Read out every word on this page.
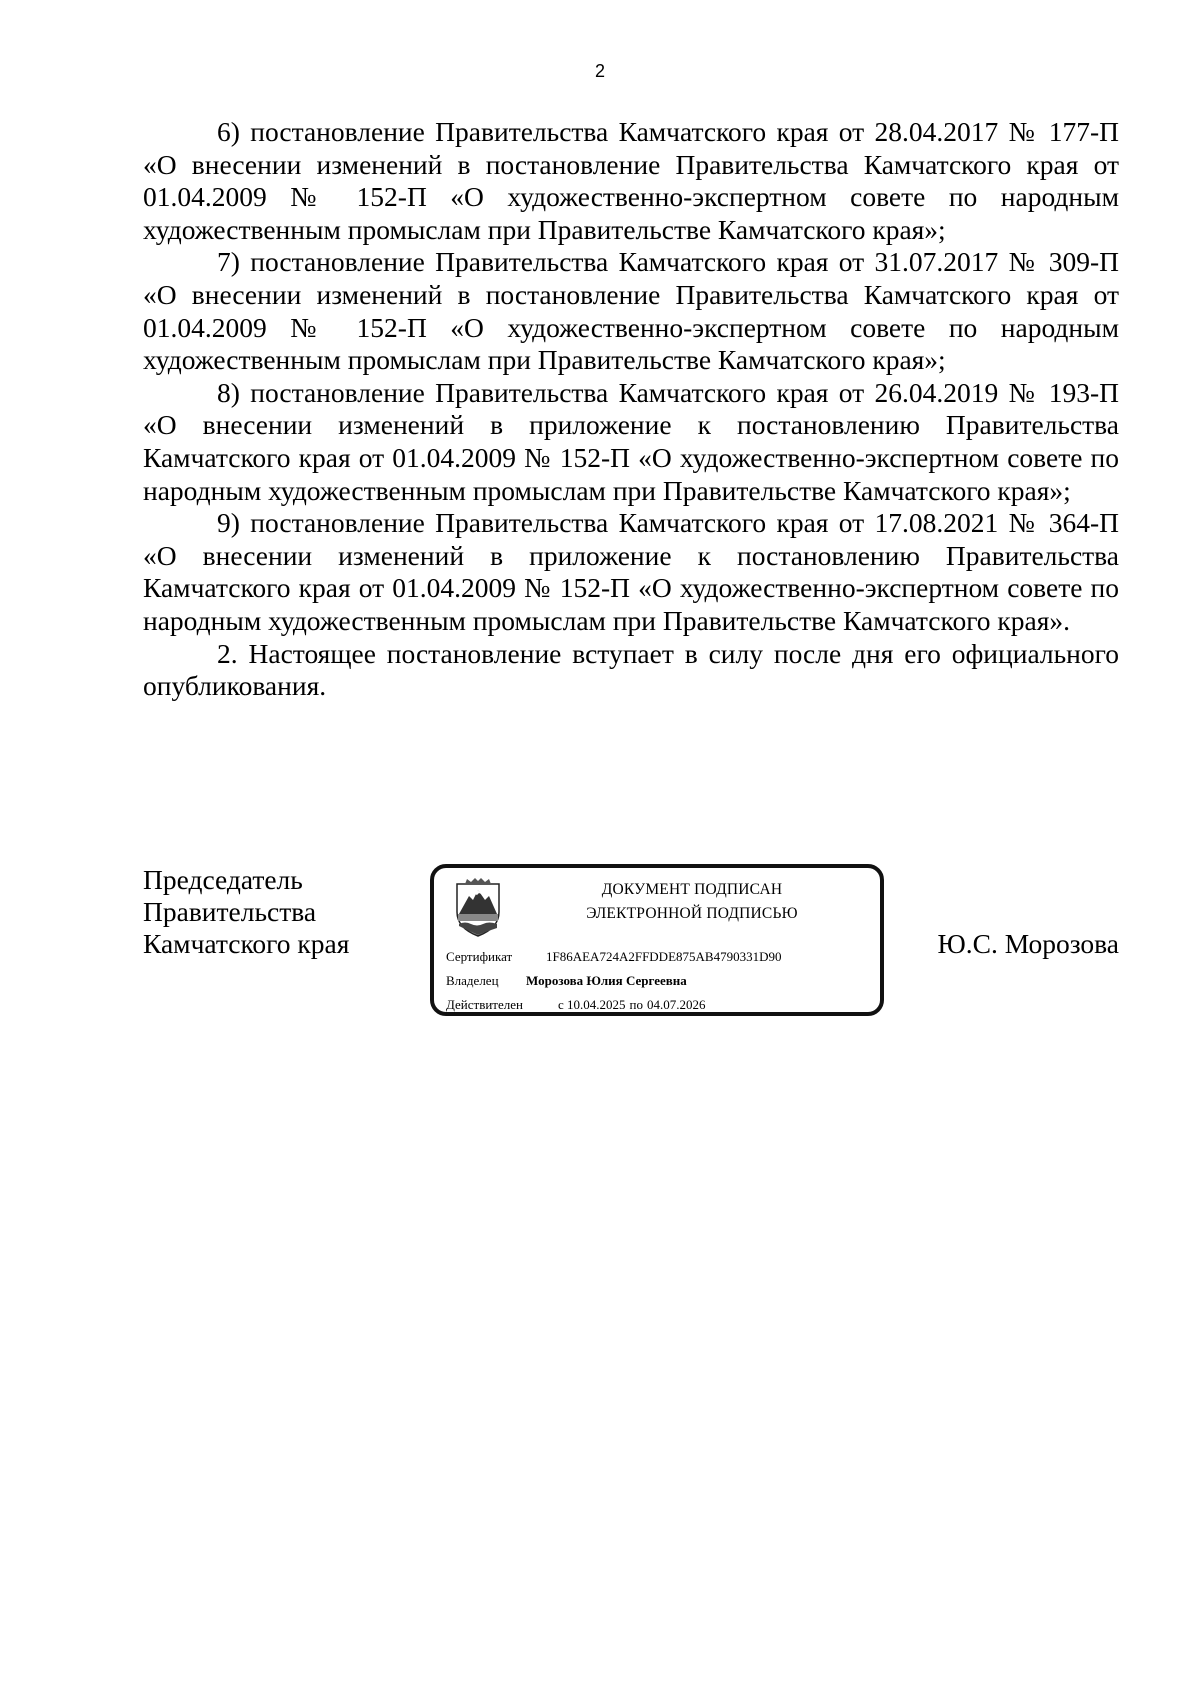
2

6) постановление Правительства Камчатского края от 28.04.2017 № 177-П «О внесении изменений в постановление Правительства Камчатского края от 01.04.2009 № 152-П «О художественно-экспертном совете по народным художественным промыслам при Правительстве Камчатского края»;

7) постановление Правительства Камчатского края от 31.07.2017 № 309-П «О внесении изменений в постановление Правительства Камчатского края от 01.04.2009 № 152-П «О художественно-экспертном совете по народным художественным промыслам при Правительстве Камчатского края»;

8) постановление Правительства Камчатского края от 26.04.2019 № 193-П «О внесении изменений в приложение к постановлению Правительства Камчатского края от 01.04.2009 № 152-П «О художественно-экспертном совете по народным художественным промыслам при Правительстве Камчатского края»;

9) постановление Правительства Камчатского края от 17.08.2021 № 364-П «О внесении изменений в приложение к постановлению Правительства Камчатского края от 01.04.2009 № 152-П «О художественно-экспертном совете по народным художественным промыслам при Правительстве Камчатского края».

2. Настоящее постановление вступает в силу после дня его официального опубликования.

Председатель
Правительства
Камчатского края
ДОКУМЕНТ ПОДПИСАН
ЭЛЕКТРОННОЙ ПОДПИСЬЮ
Сертификат	1F86AEA724A2FFDDE875AB4790331D90
Владелец Морозова Юлия Сергеевна
Действителен	с 10.04.2025 по 04.07.2026
Ю.С. Морозова
